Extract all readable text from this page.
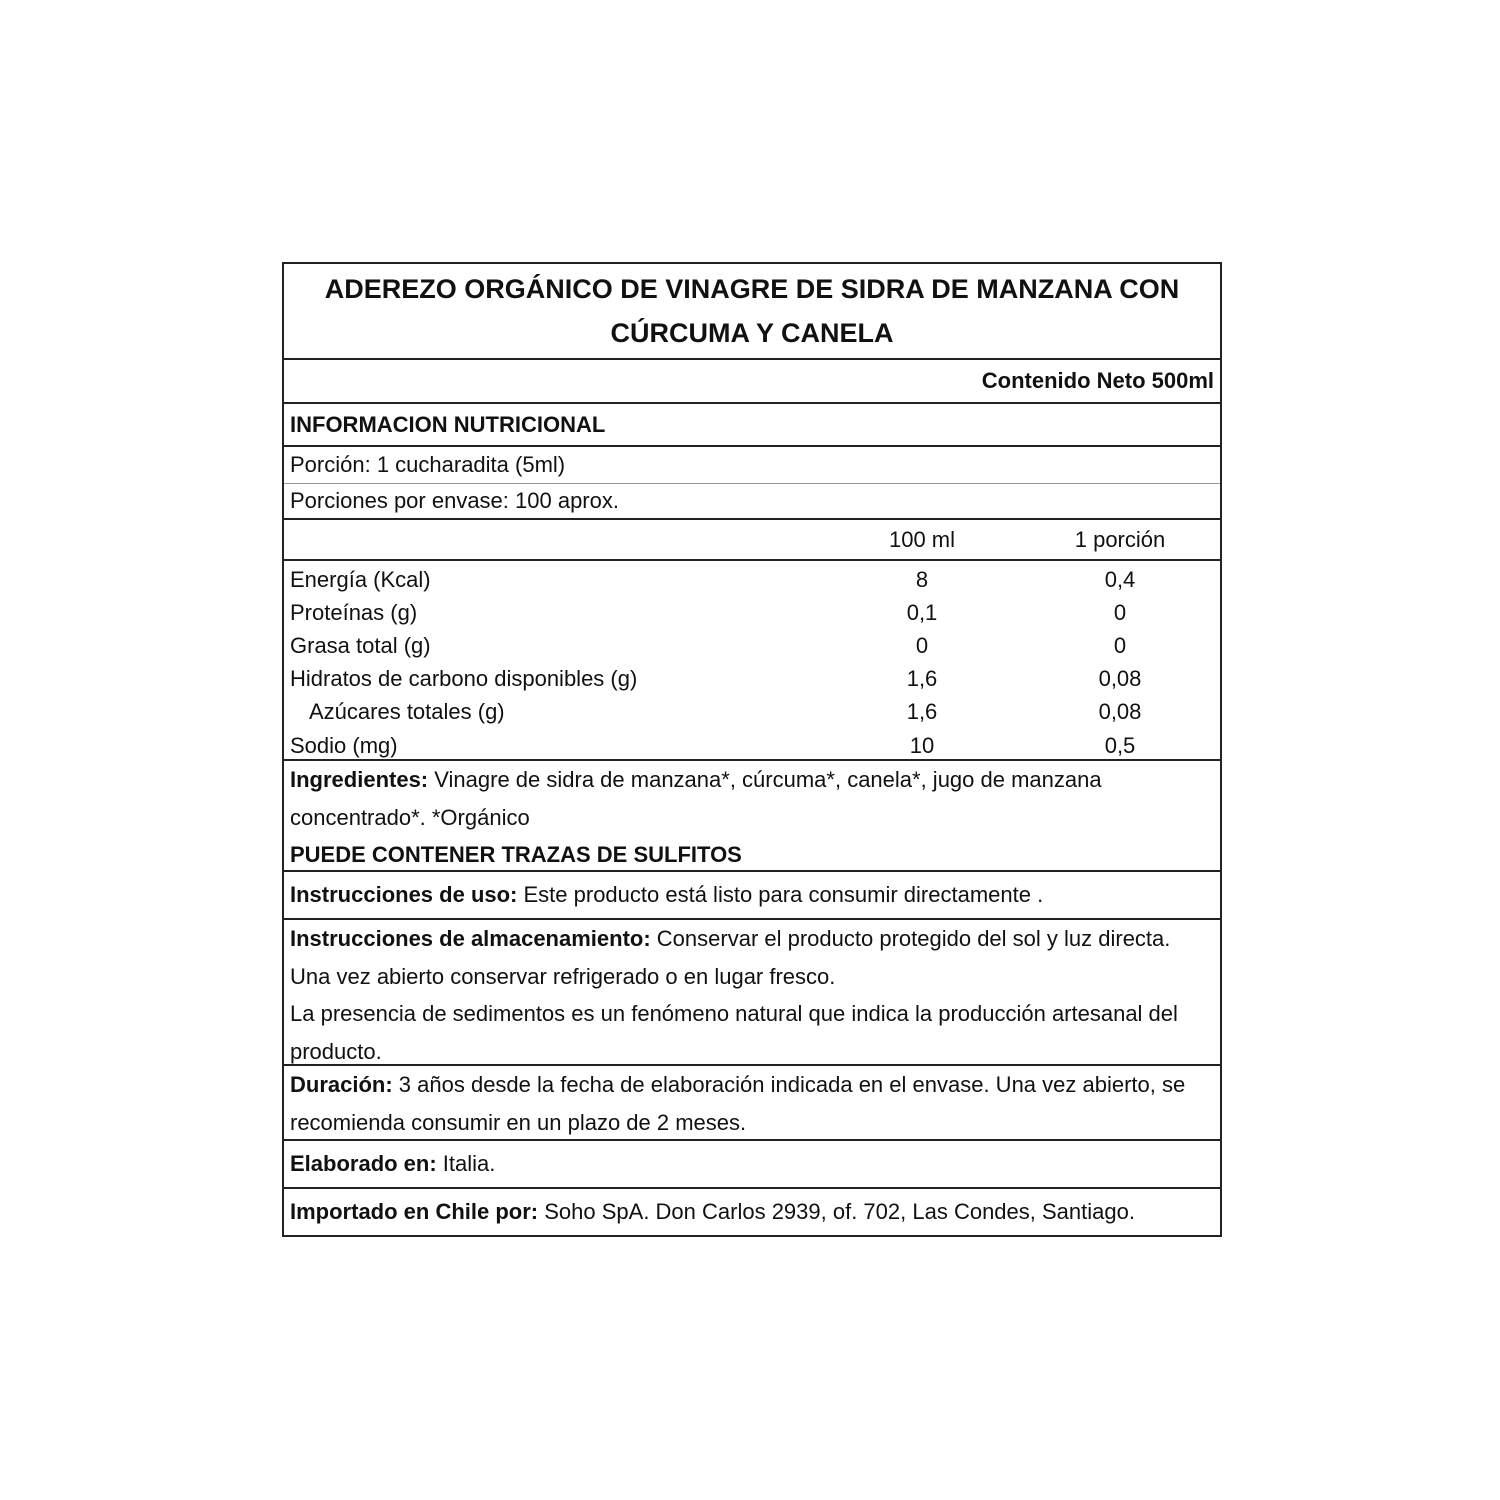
ADEREZO ORGÁNICO DE VINAGRE DE SIDRA DE MANZANA CON
CÚRCUMA Y CANELA
Contenido Neto 500ml
INFORMACION NUTRICIONAL
Porción: 1 cucharadita (5ml)
Porciones por envase: 100 aprox.
100 ml	1 porción
Energía (Kcal)	8	0,4
Proteínas (g)	0,1	0
Grasa total (g)	0	0
Hidratos de carbono disponibles (g)	1,6	0,08
Azúcares totales (g)	1,6	0,08
Sodio (mg)	10	0,5
Ingredientes: Vinagre de sidra de manzana*, cúrcuma*, canela*, jugo de manzana concentrado*. *Orgánico
PUEDE CONTENER TRAZAS DE SULFITOS
Instrucciones de uso: Este producto está listo para consumir directamente .
Instrucciones de almacenamiento: Conservar el producto protegido del sol y luz directa. Una vez abierto conservar refrigerado o en lugar fresco.
La presencia de sedimentos es un fenómeno natural que indica la producción artesanal del producto.
Duración: 3 años desde la fecha de elaboración indicada en el envase. Una vez abierto, se recomienda consumir en un plazo de 2 meses.
Elaborado en: Italia.
Importado en Chile por: Soho SpA. Don Carlos 2939, of. 702, Las Condes, Santiago.
